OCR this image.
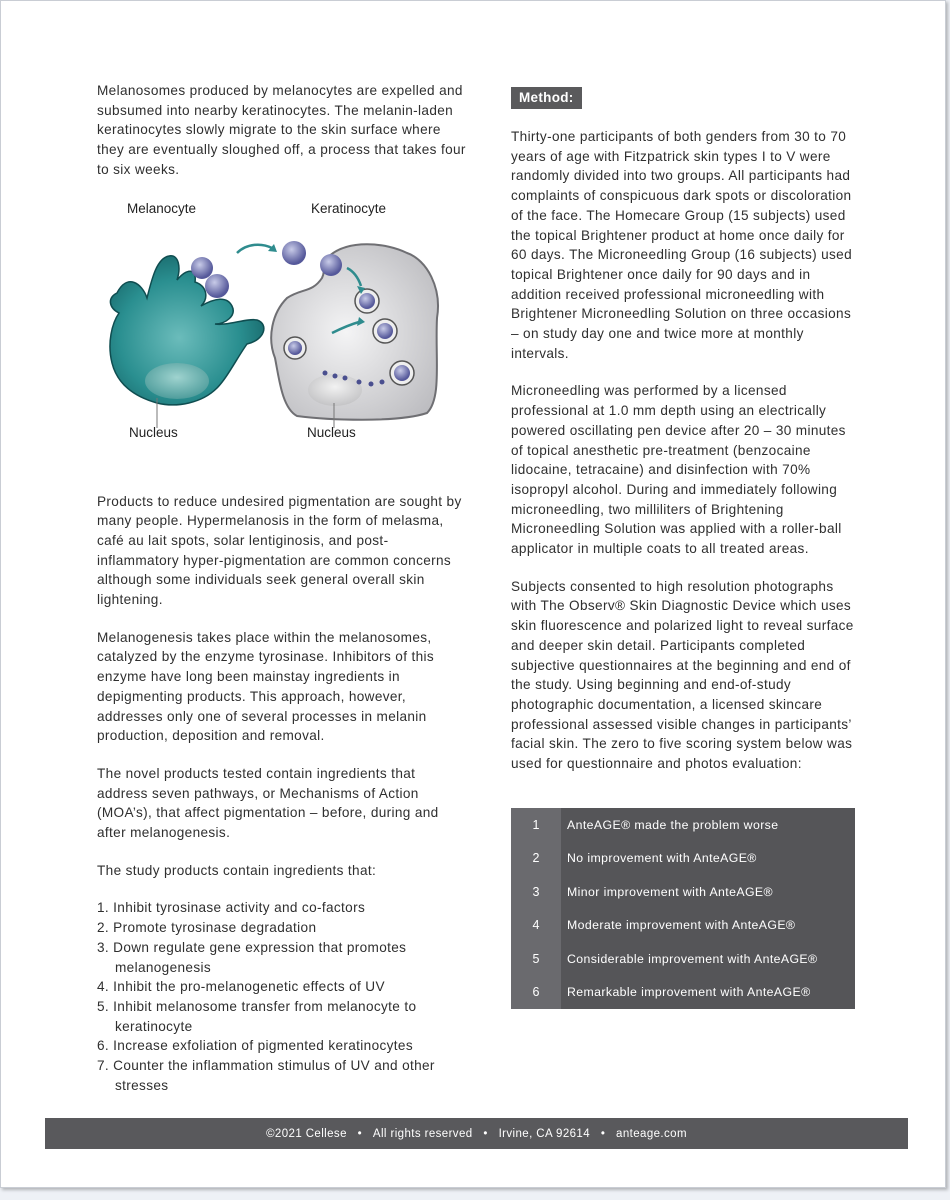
Melanosomes produced by melanocytes are expelled and subsumed into nearby keratinocytes. The melanin-laden keratinocytes slowly migrate to the skin surface where they are eventually sloughed off, a process that takes four to six weeks.

Melanocyte	Keratinocyte
Nucleus	Nucleus

Products to reduce undesired pigmentation are sought by many people. Hypermelanosis in the form of melasma, café au lait spots, solar lentiginosis, and post-inflammatory hyper-pigmentation are common concerns although some individuals seek general overall skin lightening.

Melanogenesis takes place within the melanosomes, catalyzed by the enzyme tyrosinase. Inhibitors of this enzyme have long been mainstay ingredients in depigmenting products. This approach, however, addresses only one of several processes in melanin production, deposition and removal.

The novel products tested contain ingredients that address seven pathways, or Mechanisms of Action (MOA’s), that affect pigmentation – before, during and after melanogenesis.

The study products contain ingredients that:

1. Inhibit tyrosinase activity and co-factors
2. Promote tyrosinase degradation
3. Down regulate gene expression that promotes melanogenesis
4. Inhibit the pro-melanogenetic effects of UV
5. Inhibit melanosome transfer from melanocyte to keratinocyte
6. Increase exfoliation of pigmented keratinocytes
7. Counter the inflammation stimulus of UV and other stresses
Method:

Thirty-one participants of both genders from 30 to 70 years of age with Fitzpatrick skin types I to V were randomly divided into two groups. All participants had complaints of conspicuous dark spots or discoloration of the face. The Homecare Group (15 subjects) used the topical Brightener product at home once daily for 60 days. The Microneedling Group (16 subjects) used topical Brightener once daily for 90 days and in addition received professional microneedling with Brightener Microneedling Solution on three occasions – on study day one and twice more at monthly intervals.

Microneedling was performed by a licensed professional at 1.0 mm depth using an electrically powered oscillating pen device after 20 – 30 minutes of topical anesthetic pre-treatment (benzocaine lidocaine, tetracaine) and disinfection with 70% isopropyl alcohol. During and immediately following microneedling, two milliliters of Brightening Microneedling Solution was applied with a roller-ball applicator in multiple coats to all treated areas.

Subjects consented to high resolution photographs with The Observ® Skin Diagnostic Device which uses skin fluorescence and polarized light to reveal surface and deeper skin detail. Participants completed subjective questionnaires at the beginning and end of the study. Using beginning and end-of-study photographic documentation, a licensed skincare professional assessed visible changes in participants’ facial skin. The zero to five scoring system below was used for questionnaire and photos evaluation:

1	AnteAGE® made the problem worse
2	No improvement with AnteAGE®
3	Minor improvement with AnteAGE®
4	Moderate improvement with AnteAGE®
5	Considerable improvement with AnteAGE®
6	Remarkable improvement with AnteAGE®
©2021 Cellese
•
All rights reserved
•
Irvine, CA 92614
•
anteage.com
